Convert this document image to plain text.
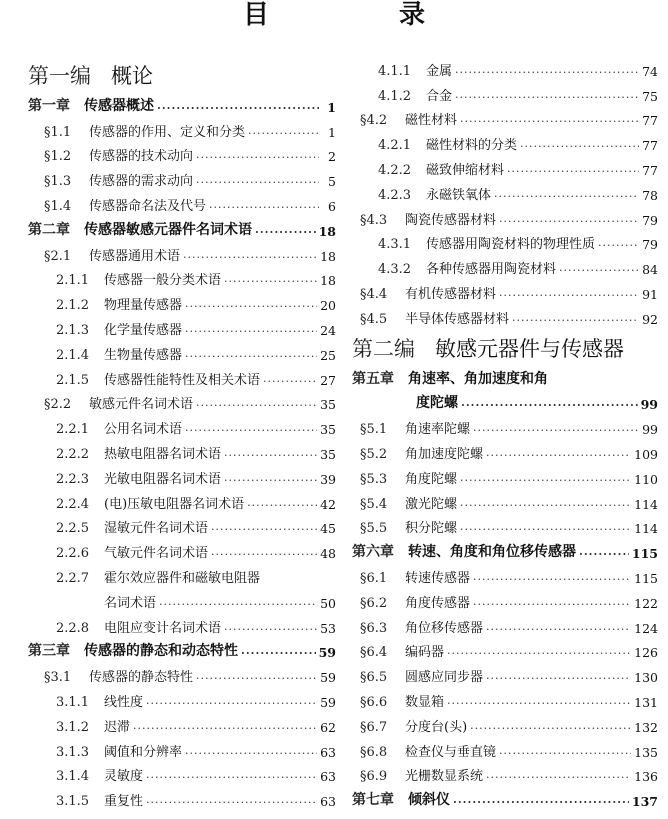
目　录
第一编 概论
第一章 传感器概述 ·····	1
§1.1	传感器的作用、定义和分类 ·····	1
§1.2	传感器的技术动向 ·····	2
§1.3	传感器的需求动向 ·····	5
§1.4	传感器命名法及代号 ·····	6
第二章 传感器敏感元器件名词术语 ·····	18
§2.1	传感器通用术语 ·····	18
2.1.1	传感器一般分类术语 ·····	18
2.1.2	物理量传感器 ·····	20
2.1.3	化学量传感器 ·····	24
2.1.4	生物量传感器 ·····	25
2.1.5	传感器性能特性及相关术语 ·····	27
§2.2	敏感元件名词术语 ·····	35
2.2.1	公用名词术语 ·····	35
2.2.2	热敏电阻器名词术语 ·····	35
2.2.3	光敏电阻器名词术语 ·····	39
2.2.4	(电)压敏电阻器名词术语 ·····	42
2.2.5	湿敏元件名词术语 ·····	45
2.2.6	气敏元件名词术语 ·····	48
2.2.7	霍尔效应器件和磁敏电阻器
名词术语 ·····	50
2.2.8	电阻应变计名词术语 ·····	53
第三章 传感器的静态和动态特性 ·····	59
§3.1	传感器的静态特性 ·····	59
3.1.1	线性度 ·····	59
3.1.2	迟滞 ·····	62
3.1.3	阈值和分辨率 ·····	63
3.1.4	灵敏度 ·····	63
3.1.5	重复性 ·····	63
4.1.1	金属 ·····	74
4.1.2	合金 ·····	75
§4.2	磁性材料 ·····	77
4.2.1	磁性材料的分类 ·····	77
4.2.2	磁致伸缩材料 ·····	77
4.2.3	永磁铁氧体 ·····	78
§4.3	陶瓷传感器材料 ·····	79
4.3.1	传感器用陶瓷材料的物理性质 ·····	79
4.3.2	各种传感器用陶瓷材料 ·····	84
§4.4	有机传感器材料 ·····	91
§4.5	半导体传感器材料 ·····	92
第二编 敏感元器件与传感器
第五章 角速率、角加速度和角
度陀螺 ·····	99
§5.1	角速率陀螺 ·····	99
§5.2	角加速度陀螺 ·····	109
§5.3	角度陀螺 ·····	110
§5.4	激光陀螺 ·····	114
§5.5	积分陀螺 ·····	114
第六章 转速、角度和角位移传感器 ·····	115
§6.1	转速传感器 ·····	115
§6.2	角度传感器 ·····	122
§6.3	角位移传感器 ·····	124
§6.4	编码器 ·····	126
§6.5	圆感应同步器 ·····	130
§6.6	数显箱 ·····	131
§6.7	分度台(头) ·····	132
§6.8	检查仪与垂直镜 ·····	135
§6.9	光栅数显系统 ·····	136
第七章 倾斜仪 ·····	137
